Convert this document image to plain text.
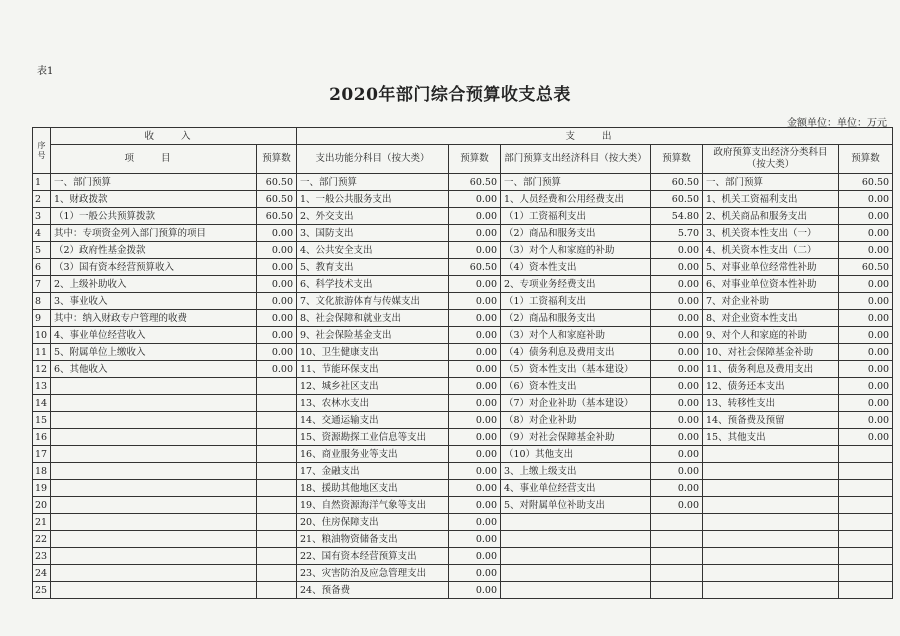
表1
2020年部门综合预算收支总表
金额单位：单位：万元
序号	收 入		支 出					
	项 目	预算数	支出功能分科目（按大类）	预算数	部门预算支出经济科目（按大类）	预算数	政府预算支出经济分类科目（按大类）	预算数
1	一、部门预算	60.50	一、部门预算	60.50	一、部门预算	60.50	一、部门预算	60.50
2	1、财政拨款	60.50	1、一般公共服务支出	0.00	1、人员经费和公用经费支出	60.50	1、机关工资福利支出	0.00
3	（1）一般公共预算拨款	60.50	2、外交支出	0.00	（1）工资福利支出	54.80	2、机关商品和服务支出	0.00
4	其中：专项资金列入部门预算的项目	0.00	3、国防支出	0.00	（2）商品和服务支出	5.70	3、机关资本性支出（一）	0.00
5	（2）政府性基金拨款	0.00	4、公共安全支出	0.00	（3）对个人和家庭的补助	0.00	4、机关资本性支出（二）	0.00
6	（3）国有资本经营预算收入	0.00	5、教育支出	60.50	（4）资本性支出	0.00	5、对事业单位经常性补助	60.50
7	2、上级补助收入	0.00	6、科学技术支出	0.00	2、专项业务经费支出	0.00	6、对事业单位资本性补助	0.00
8	3、事业收入	0.00	7、文化旅游体育与传媒支出	0.00	（1）工资福利支出	0.00	7、对企业补助	0.00
9	其中：纳入财政专户管理的收费	0.00	8、社会保障和就业支出	0.00	（2）商品和服务支出	0.00	8、对企业资本性支出	0.00
10	4、事业单位经营收入	0.00	9、社会保险基金支出	0.00	（3）对个人和家庭补助	0.00	9、对个人和家庭的补助	0.00
11	5、附属单位上缴收入	0.00	10、卫生健康支出	0.00	（4）债务利息及费用支出	0.00	10、对社会保障基金补助	0.00
12	6、其他收入	0.00	11、节能环保支出	0.00	（5）资本性支出（基本建设）	0.00	11、债务利息及费用支出	0.00
13			12、城乡社区支出	0.00	（6）资本性支出	0.00	12、债务还本支出	0.00
14			13、农林水支出	0.00	（7）对企业补助（基本建设）	0.00	13、转移性支出	0.00
15			14、交通运输支出	0.00	（8）对企业补助	0.00	14、预备费及预留	0.00
16			15、资源勘探工业信息等支出	0.00	（9）对社会保障基金补助	0.00	15、其他支出	0.00
17			16、商业服务业等支出	0.00	（10）其他支出	0.00		
18			17、金融支出	0.00	3、上缴上级支出	0.00		
19			18、援助其他地区支出	0.00	4、事业单位经营支出	0.00		
20			19、自然资源海洋气象等支出	0.00	5、对附属单位补助支出	0.00		
21			20、住房保障支出	0.00				
22			21、粮油物资储备支出	0.00				
23			22、国有资本经营预算支出	0.00				
24			23、灾害防治及应急管理支出	0.00				
25			24、预备费	0.00				
